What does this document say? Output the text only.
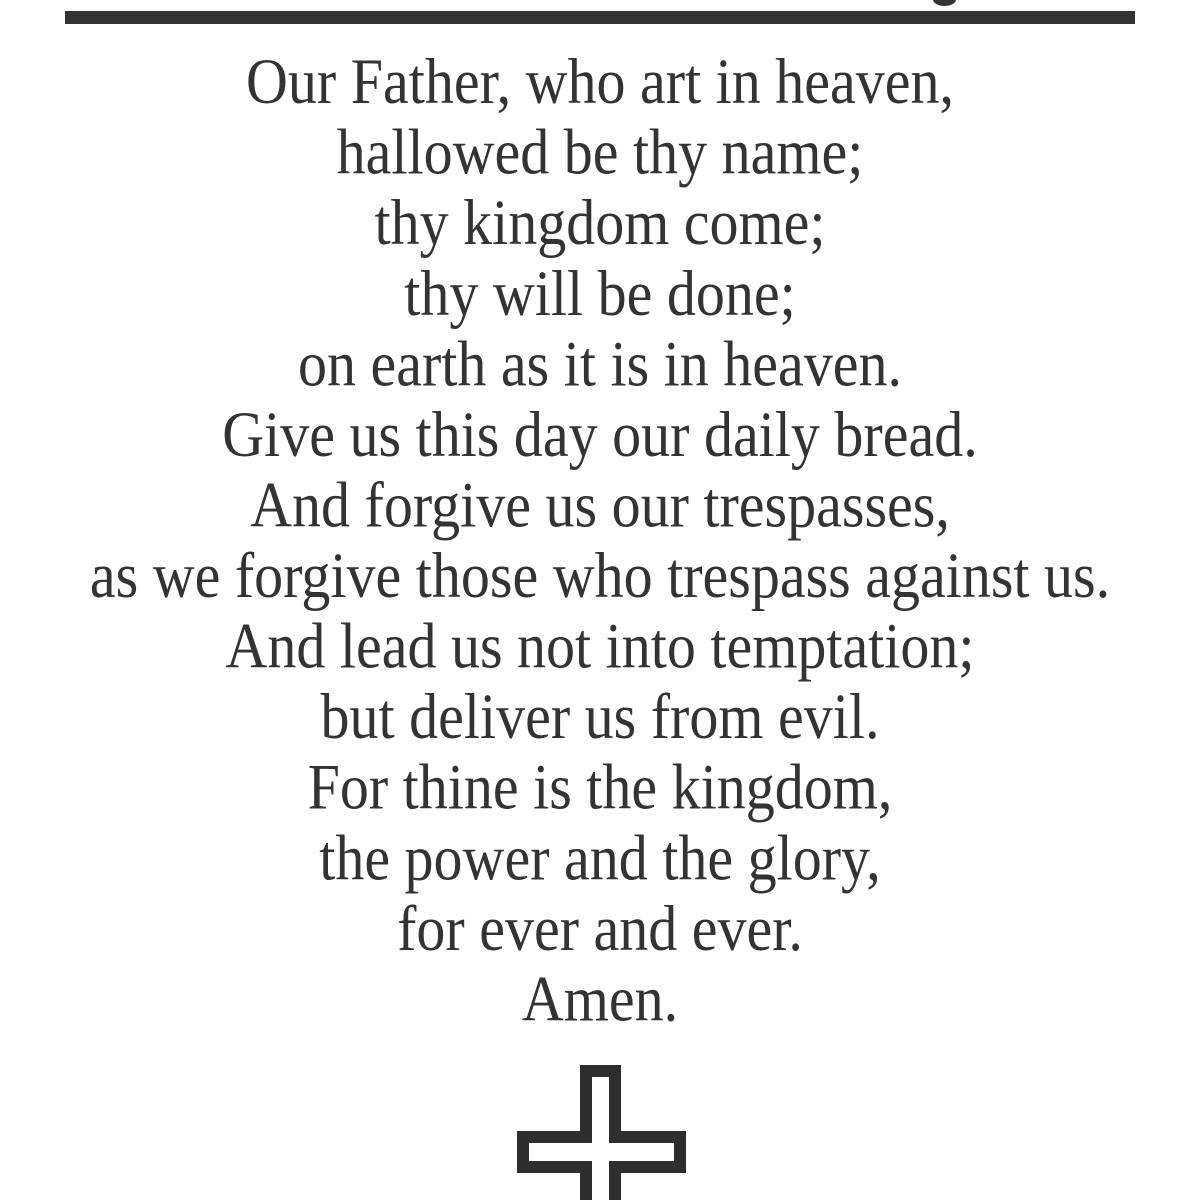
Our Father, who art in heaven,
hallowed be thy name;
thy kingdom come;
thy will be done;
on earth as it is in heaven.
Give us this day our daily bread.
And forgive us our trespasses,
as we forgive those who trespass against us.
And lead us not into temptation;
but deliver us from evil.
For thine is the kingdom,
the power and the glory,
for ever and ever.
Amen.
